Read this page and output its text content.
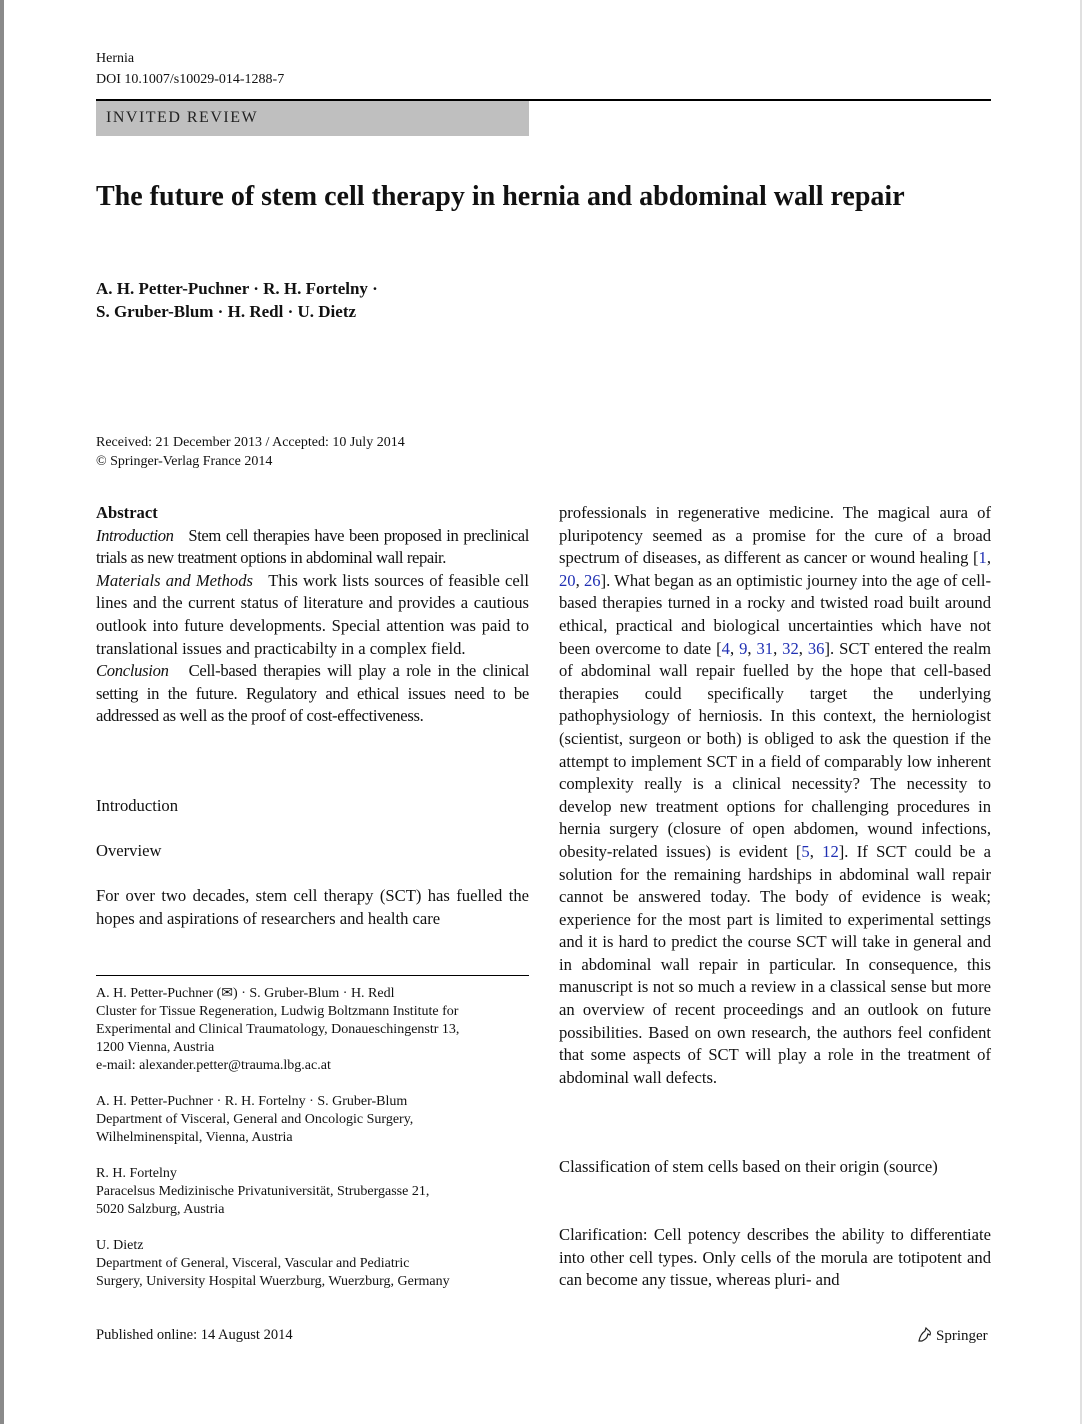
Hernia
DOI 10.1007/s10029-014-1288-7
INVITED REVIEW
The future of stem cell therapy in hernia and abdominal wall repair
A. H. Petter-Puchner · R. H. Fortelny ·
S. Gruber-Blum · H. Redl · U. Dietz
Received: 21 December 2013 / Accepted: 10 July 2014
© Springer-Verlag France 2014
Abstract

Introduction Stem cell therapies have been proposed in preclinical trials as new treatment options in abdominal wall repair.

Materials and Methods This work lists sources of feasible cell lines and the current status of literature and provides a cautious outlook into future developments. Special attention was paid to translational issues and practicabilty in a complex field.

Conclusion Cell-based therapies will play a role in the clinical setting in the future. Regulatory and ethical issues need to be addressed as well as the proof of cost-effectiveness.

Introduction
Overview
For over two decades, stem cell therapy (SCT) has fuelled the hopes and aspirations of researchers and health care
A. H. Petter-Puchner (✉) · S. Gruber-Blum · H. Redl
Cluster for Tissue Regeneration, Ludwig Boltzmann Institute for
Experimental and Clinical Traumatology, Donaueschingenstr 13,
1200 Vienna, Austria
e-mail: alexander.petter@trauma.lbg.ac.at
A. H. Petter-Puchner · R. H. Fortelny · S. Gruber-Blum
Department of Visceral, General and Oncologic Surgery,
Wilhelminenspital, Vienna, Austria
R. H. Fortelny
Paracelsus Medizinische Privatuniversität, Strubergasse 21,
5020 Salzburg, Austria
U. Dietz
Department of General, Visceral, Vascular and Pediatric
Surgery, University Hospital Wuerzburg, Wuerzburg, Germany

professionals in regenerative medicine. The magical aura of pluripotency seemed as a promise for the cure of a broad spectrum of diseases, as different as cancer or wound healing [1, 20, 26]. What began as an optimistic journey into the age of cell-based therapies turned in a rocky and twisted road built around ethical, practical and biological uncertainties which have not been overcome to date [4, 9, 31, 32, 36]. SCT entered the realm of abdominal wall repair fuelled by the hope that cell-based therapies could specifically target the underlying pathophysiology of herniosis. In this context, the herniologist (scientist, surgeon or both) is obliged to ask the question if the attempt to implement SCT in a field of comparably low inherent complexity really is a clinical necessity? The necessity to develop new treatment options for challenging procedures in hernia surgery (closure of open abdomen, wound infections, obesity-related issues) is evident [5, 12]. If SCT could be a solution for the remaining hardships in abdominal wall repair cannot be answered today. The body of evidence is weak; experience for the most part is limited to experimental settings and it is hard to predict the course SCT will take in general and in abdominal wall repair in particular. In consequence, this manuscript is not so much a review in a classical sense but more an overview of recent proceedings and an outlook on future possibilities. Based on own research, the authors feel confident that some aspects of SCT will play a role in the treatment of abdominal wall defects.

Classification of stem cells based on their origin (source)
Clarification: Cell potency describes the ability to differentiate into other cell types. Only cells of the morula are totipotent and can become any tissue, whereas pluri- and
Published online: 14 August 2014	Springer
